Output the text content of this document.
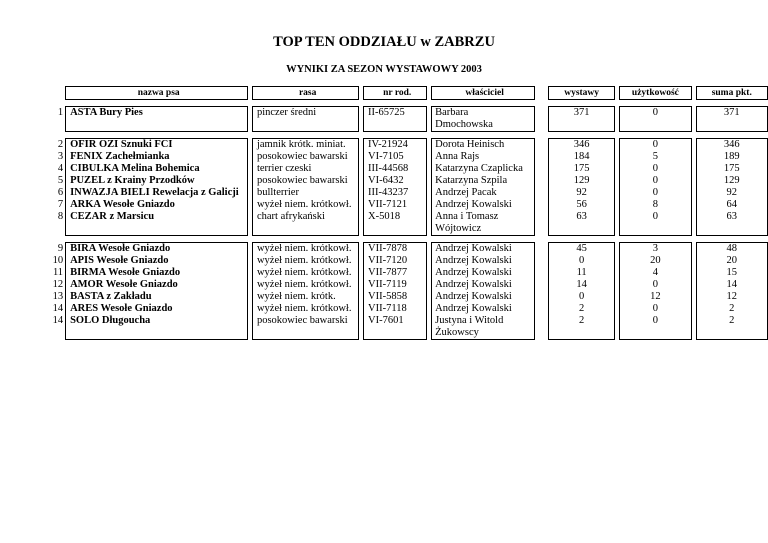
TOP TEN ODDZIAŁU w ZABRZU
WYNIKI ZA SEZON WYSTAWOWY 2003
	nazwa psa		rasa		nr rod.		właściciel		wystawy		użytkowość		suma pkt.

1	ASTA Bury Pies		pinczer średni		II-65725		Barbara		371		0		371
							Dmochowska						

2	OFIR OZI Sznuki FCI		jamnik krótk. miniat.		IV-21924		Dorota Heinisch		346		0		346
3	FENIX Zachełmianka		posokowiec bawarski		VI-7105		Anna Rajs		184		5		189
4	CIBULKA Melina Bohemica		terrier czeski		III-44568		Katarzyna Czaplicka		175		0		175
5	PUZEL z Krainy Przodków		posokowiec bawarski		VI-6432		Katarzyna Szpila		129		0		129
6	INWAZJA BIELI Rewelacja z Galicji		bullterrier		III-43237		Andrzej Pacak		92		0		92
7	ARKA Wesołe Gniazdo		wyżeł niem. krótkowł.		VII-7121		Andrzej Kowalski		56		8		64
8	CEZAR z Marsicu		chart afrykański		X-5018		Anna i Tomasz		63		0		63
							Wójtowicz						

9	BIRA Wesołe Gniazdo		wyżeł niem. krótkowł.		VII-7878		Andrzej Kowalski		45		3		48
10	APIS Wesołe Gniazdo		wyżeł niem. krótkowł.		VII-7120		Andrzej Kowalski		0		20		20
11	BIRMA Wesołe Gniazdo		wyżeł niem. krótkowł.		VII-7877		Andrzej Kowalski		11		4		15
12	AMOR Wesołe Gniazdo		wyżeł niem. krótkowł.		VII-7119		Andrzej Kowalski		14		0		14
13	BASTA z Zakładu		wyżeł niem. krótk.		VII-5858		Andrzej Kowalski		0		12		12
14	ARES Wesołe Gniazdo		wyżeł niem. krótkowł.		VII-7118		Andrzej Kowalski		2		0		2
14	SOLO Długoucha		posokowiec bawarski		VI-7601		Justyna i Witold		2		0		2
							Żukowscy						
